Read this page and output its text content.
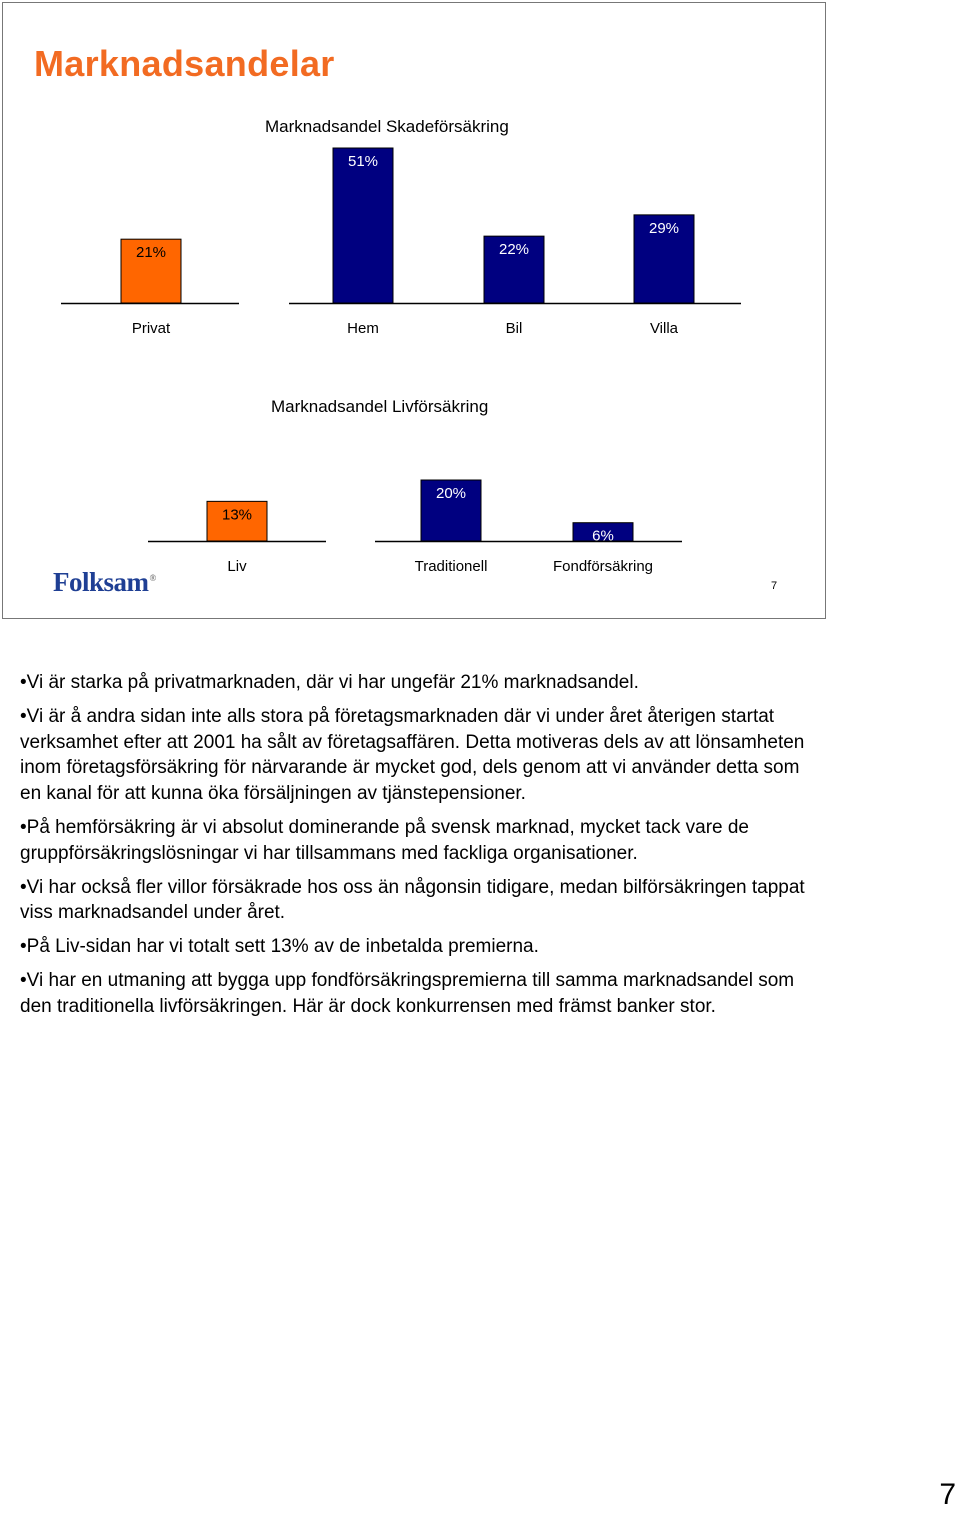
Marknadsandelar
Marknadsandel Skadeförsäkring
21%
Privat
51%
Hem
22%
Bil
29%
Villa
Marknadsandel Livförsäkring
13%
Liv
20%
Traditionell
6%
Fondförsäkring
Folksam®
7

•Vi är starka på privatmarknaden, där vi har ungefär 21% marknadsandel.

•Vi är å andra sidan inte alls stora på företagsmarknaden där vi under året återigen startat verksamhet efter att 2001 ha sålt av företagsaffären. Detta motiveras dels av att lönsamheten inom företagsförsäkring för närvarande är mycket god, dels genom att vi använder detta som en kanal för att kunna öka försäljningen av tjänstepensioner.

•På hemförsäkring är vi absolut dominerande på svensk marknad, mycket tack vare de gruppförsäkringslösningar vi har tillsammans med fackliga organisationer.

•Vi har också fler villor försäkrade hos oss än någonsin tidigare, medan bilförsäkringen tappat viss marknadsandel under året.

•På Liv-sidan har vi totalt sett 13% av de inbetalda premierna.

•Vi har en utmaning att bygga upp fondförsäkringspremierna till samma marknadsandel som den traditionella livförsäkringen. Här är dock konkurrensen med främst banker stor.

7
